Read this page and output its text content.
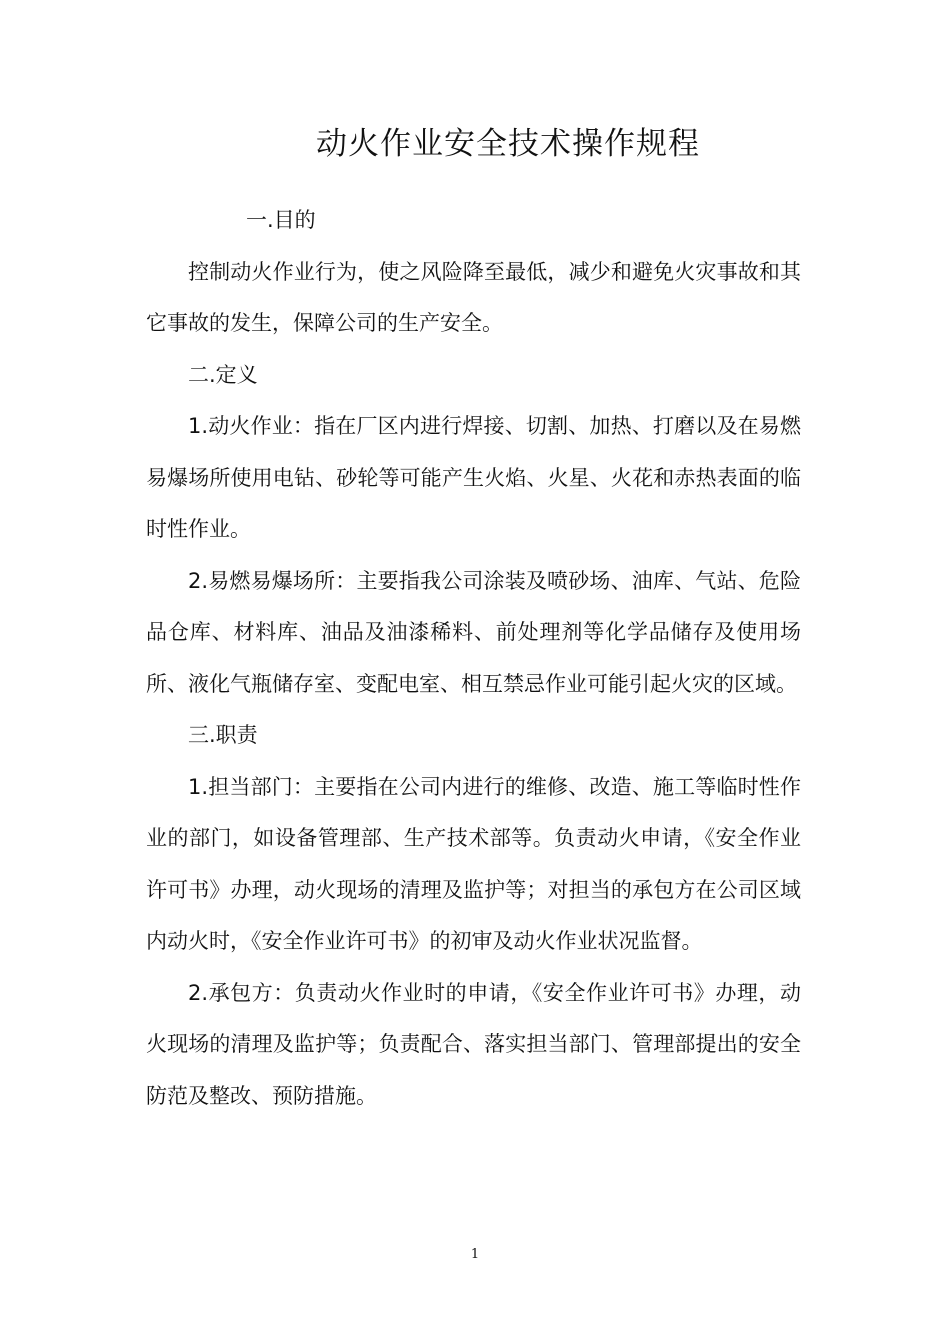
动火作业安全技术操作规程

一.目的

控制动火作业行为，使之风险降至最低，减少和避免火灾事故和其它事故的发生，保障公司的生产安全。

二.定义

1.动火作业：指在厂区内进行焊接、切割、加热、打磨以及在易燃易爆场所使用电钻、砂轮等可能产生火焰、火星、火花和赤热表面的临时性作业。

2.易燃易爆场所：主要指我公司涂装及喷砂场、油库、气站、危险品仓库、材料库、油品及油漆稀料、前处理剂等化学品储存及使用场所、液化气瓶储存室、变配电室、相互禁忌作业可能引起火灾的区域。

三.职责

1.担当部门：主要指在公司内进行的维修、改造、施工等临时性作业的部门，如设备管理部、生产技术部等。负责动火申请，《安全作业许可书》办理，动火现场的清理及监护等；对担当的承包方在公司区域内动火时，《安全作业许可书》的初审及动火作业状况监督。

2.承包方：负责动火作业时的申请，《安全作业许可书》办理，动火现场的清理及监护等；负责配合、落实担当部门、管理部提出的安全防范及整改、预防措施。

1
